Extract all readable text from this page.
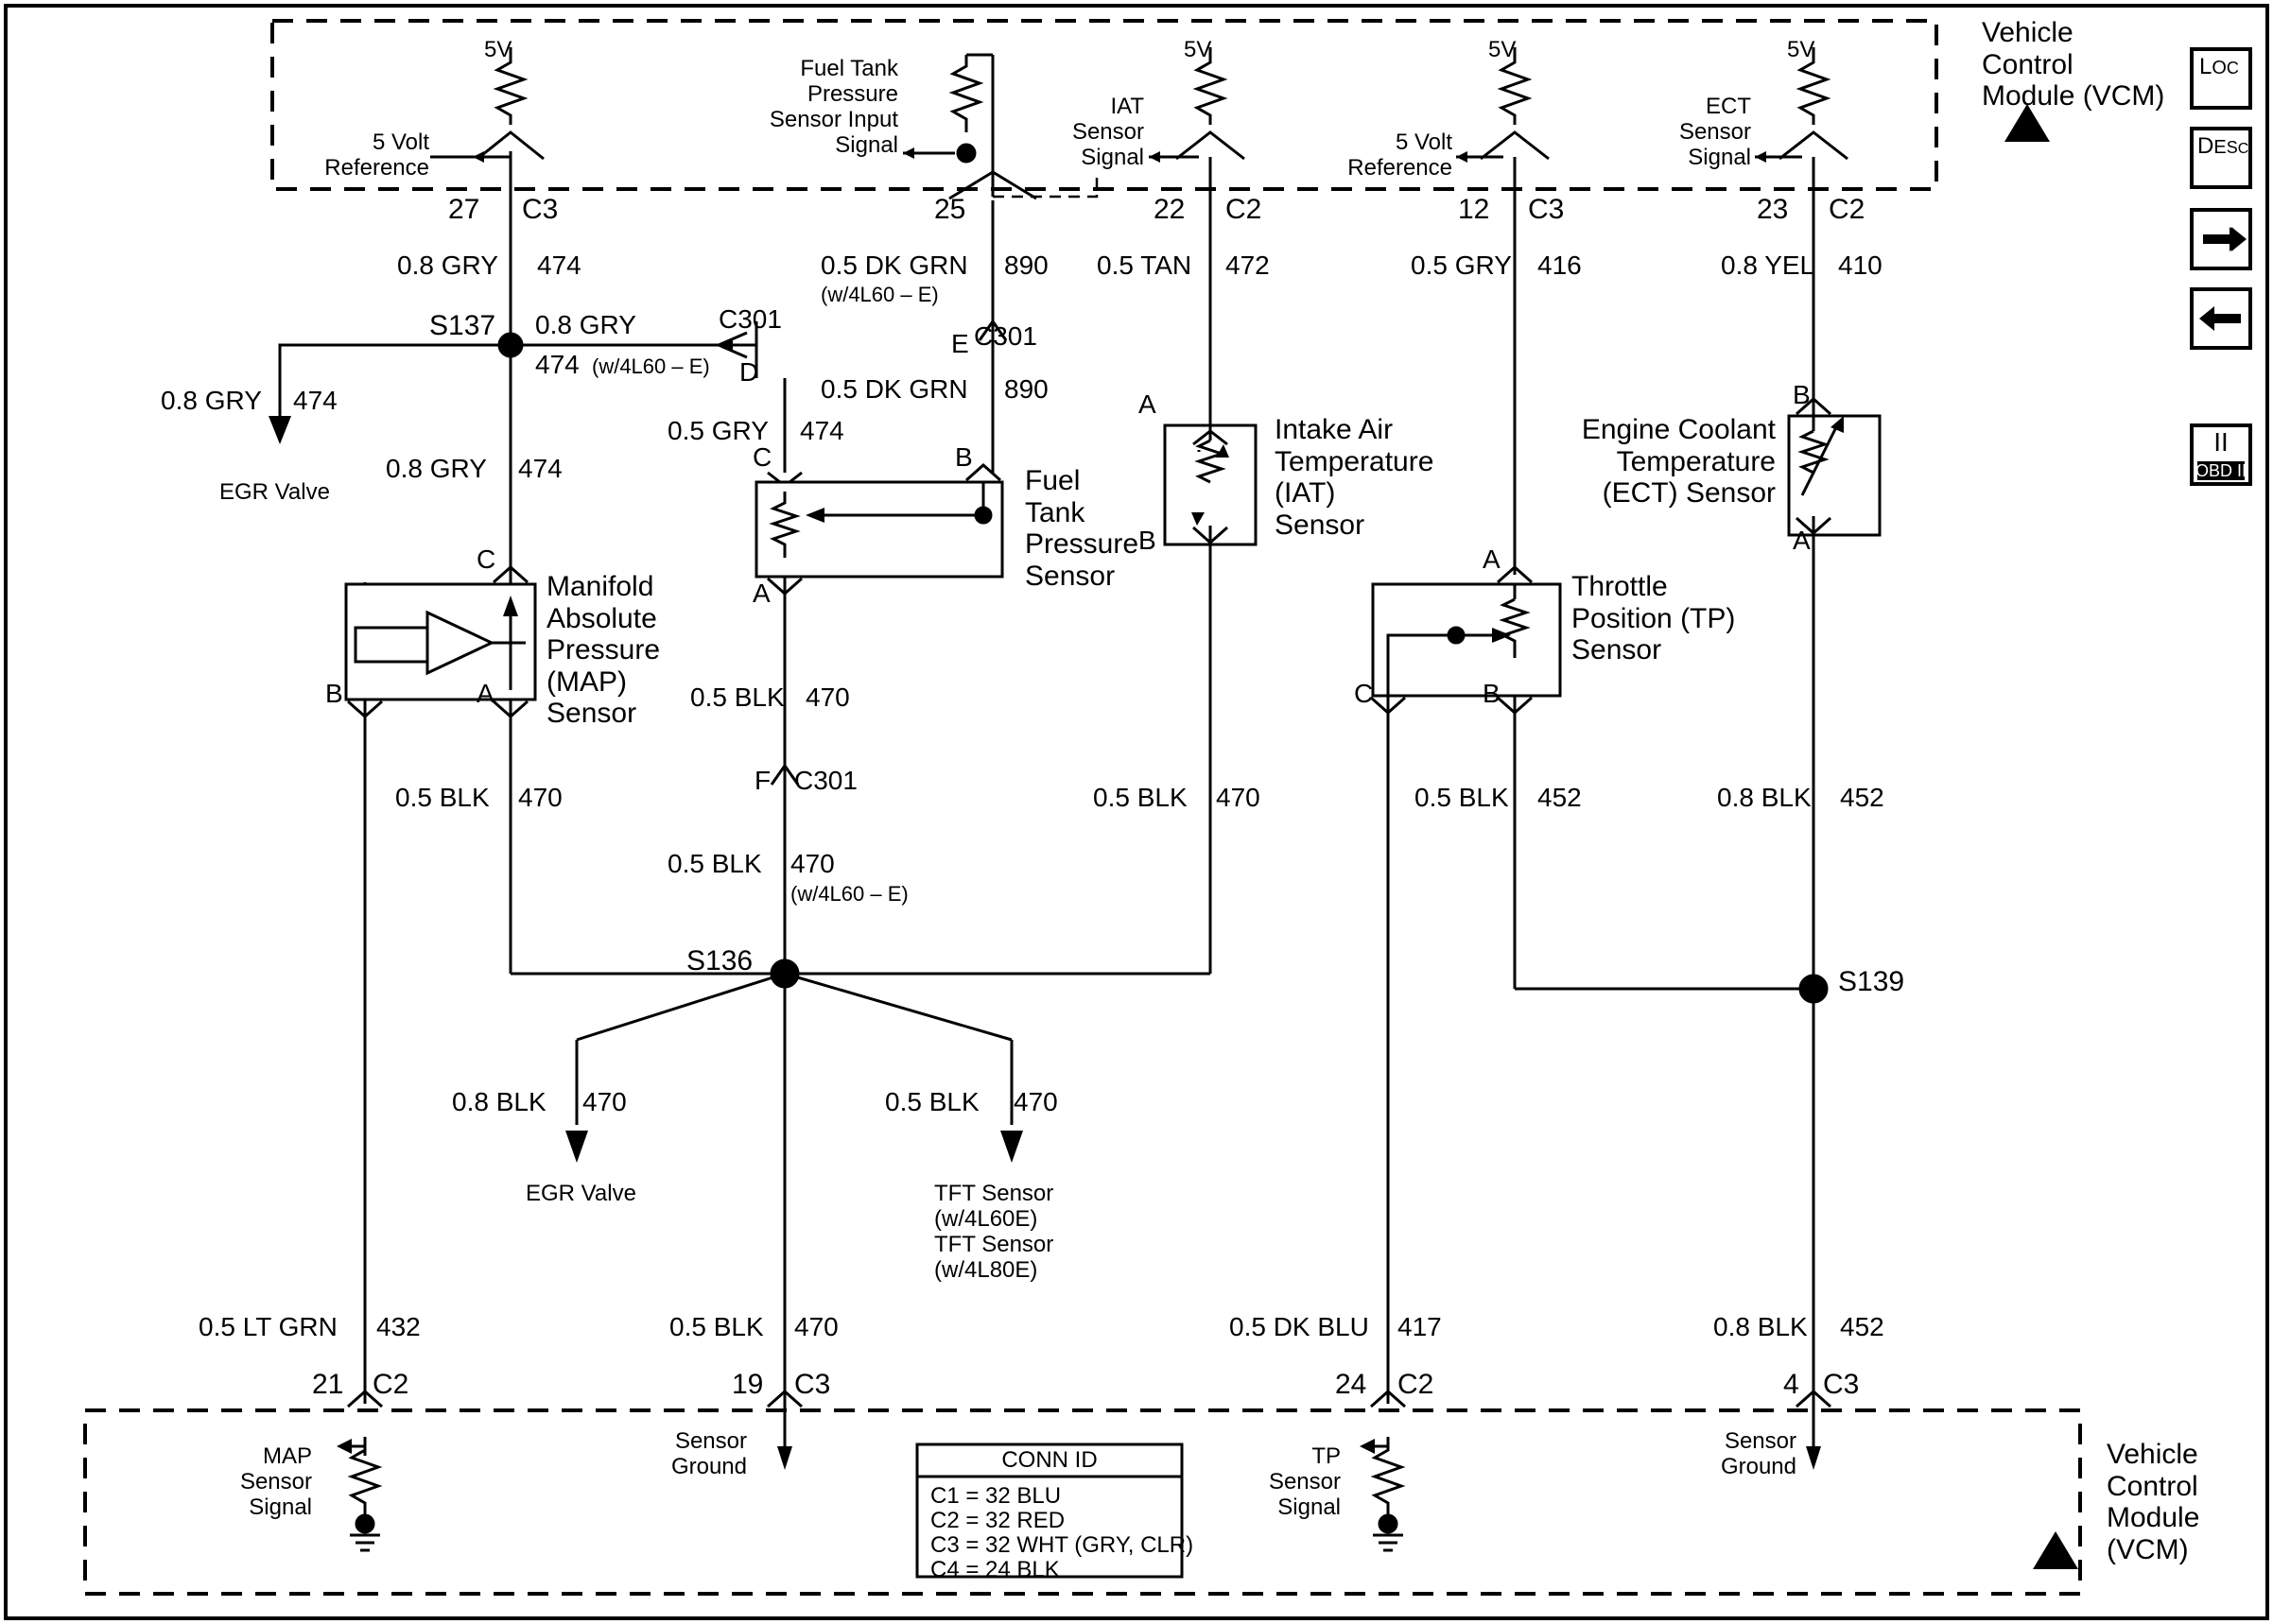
Vehicle
Control
Module (VCM)
5V	5V	5V	5V
5 Volt
Reference
Fuel Tank
Pressure
Sensor Input
Signal
IAT
Sensor
Signal
5 Volt
Reference
ECT
Sensor
Signal
27 C3	25	22 C2	12 C3	23 C2
0.8 GRY 474	0.5 DK GRN 890
(w/4L60 – E)
0.5 TAN 472	0.5 GRY 416	0.8 YEL 410
S137 0.8 GRY
474 (w/4L60 – E)
C301
D
C301
E
0.5 DK GRN 890
0.8 GRY 474
EGR Valve
0.8 GRY 474
0.5 GRY 474
C	B
A
Fuel
Tank
Pressure
Sensor
A
B
Intake Air
Temperature
(IAT)
Sensor
B
A
Engine Coolant
Temperature
(ECT) Sensor
C
B	A
Manifold
Absolute
Pressure
(MAP)
Sensor
A
C	B
Throttle
Position (TP)
Sensor
0.5 BLK 470
0.5 BLK 470
F C301
0.5 BLK 470	0.5 BLK 452	0.8 BLK 452
0.5 BLK 470
(w/4L60 – E)
S136
S139
0.8 BLK 470
EGR Valve
0.5 BLK 470
TFT Sensor
(w/4L60E)
TFT Sensor
(w/4L80E)
0.5 LT GRN 432	0.5 BLK 470	0.5 DK BLU 417	0.8 BLK 452
21 C2	19 C3	24 C2	4 C3
MAP
Sensor
Signal
Sensor
Ground	TP
Sensor
Signal
Sensor
Ground
CONN ID
C1 = 32 BLU
C2 = 32 RED
C3 = 32 WHT (GRY, CLR)
C4 = 24 BLK
Vehicle
Control
Module
(VCM)
LOC
DESC
II
OBD II
